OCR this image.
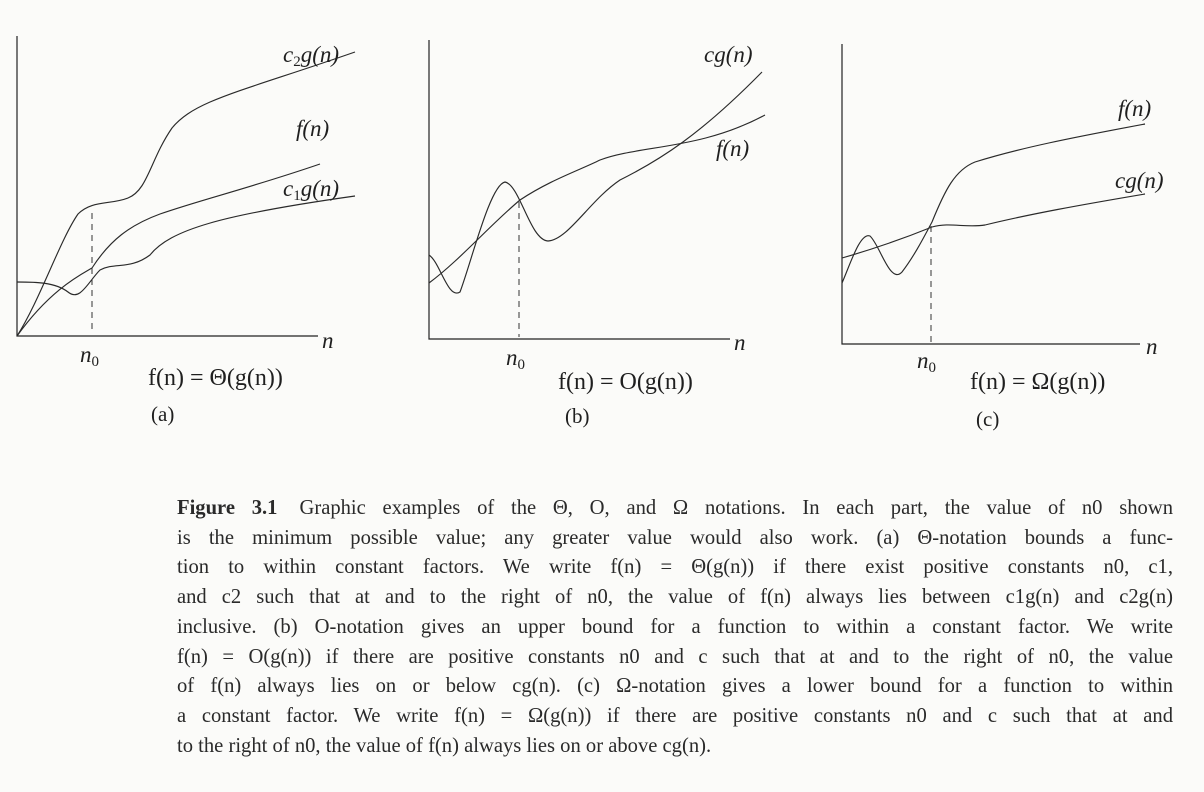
c2g(n)
f(n)
c1g(n)
n
n0
f(n) = Θ(g(n))
(a)
cg(n)
f(n)
n
n0
f(n) = O(g(n))
(b)
f(n)
cg(n)
n
n0
f(n) = Ω(g(n))
(c)
Figure 3.1 Graphic examples of the Θ, O, and Ω notations. In each part, the value of n0 shown
is the minimum possible value; any greater value would also work. (a) Θ-notation bounds a func-
tion to within constant factors. We write f(n) = Θ(g(n)) if there exist positive constants n0, c1,
and c2 such that at and to the right of n0, the value of f(n) always lies between c1g(n) and c2g(n)
inclusive. (b) O-notation gives an upper bound for a function to within a constant factor. We write
f(n) = O(g(n)) if there are positive constants n0 and c such that at and to the right of n0, the value
of f(n) always lies on or below cg(n). (c) Ω-notation gives a lower bound for a function to within
a constant factor. We write f(n) = Ω(g(n)) if there are positive constants n0 and c such that at and
to the right of n0, the value of f(n) always lies on or above cg(n).
